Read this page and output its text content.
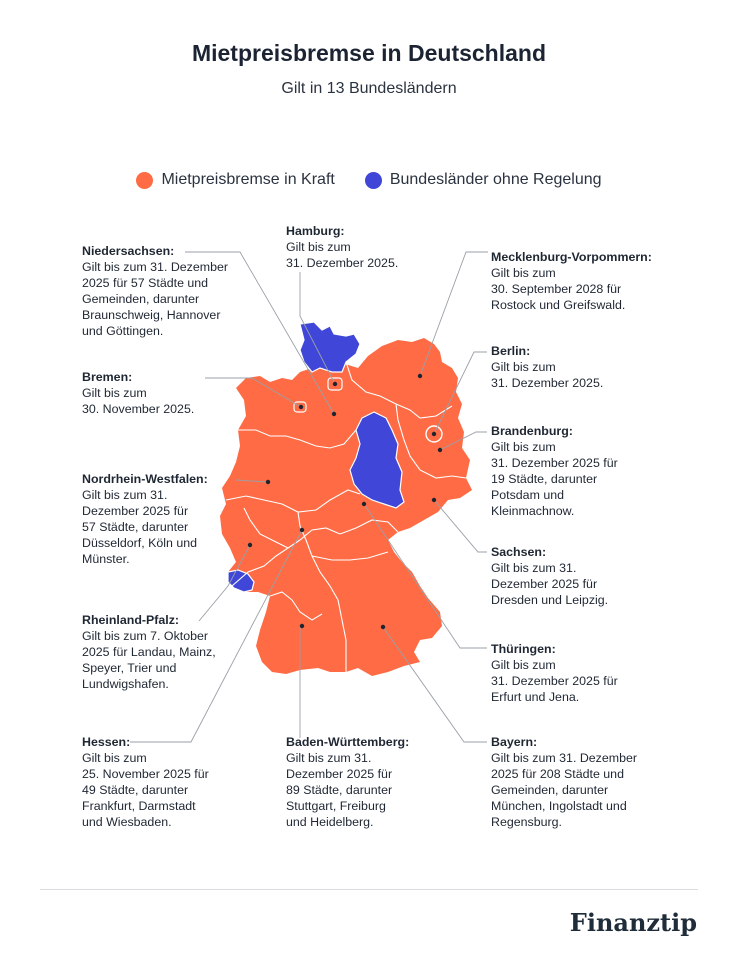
Mietpreisbremse in Deutschland
Gilt in 13 Bundesländern
Mietpreisbremse in Kraft	Bundesländer ohne Regelung
Niedersachsen:
Gilt bis zum 31. Dezember
2025 für 57 Städte und
Gemeinden, darunter
Braunschweig, Hannover
und Göttingen.
Hamburg:
Gilt bis zum
31. Dezember 2025.	Mecklenburg-Vorpommern:
Gilt bis zum
30. September 2028 für
Rostock und Greifswald.
Bremen:
Gilt bis zum
30. November 2025.
Berlin:
Gilt bis zum
31. Dezember 2025.
Brandenburg:
Gilt bis zum
31. Dezember 2025 für
19 Städte, darunter
Potsdam und
Kleinmachnow.
Nordrhein-Westfalen:
Gilt bis zum 31.
Dezember 2025 für
57 Städte, darunter
Düsseldorf, Köln und
Münster.	Sachsen:
Gilt bis zum 31.
Dezember 2025 für
Dresden und Leipzig.
Rheinland-Pfalz:
Gilt bis zum 7. Oktober
2025 für Landau, Mainz,
Speyer, Trier und
Lundwigshafen.
Thüringen:
Gilt bis zum
31. Dezember 2025 für
Erfurt und Jena.
Hessen:
Gilt bis zum
25. November 2025 für
49 Städte, darunter
Frankfurt, Darmstadt
und Wiesbaden.
Baden-Württemberg:
Gilt bis zum 31.
Dezember 2025 für
89 Städte, darunter
Stuttgart, Freiburg
und Heidelberg.
Bayern:
Gilt bis zum 31. Dezember
2025 für 208 Städte und
Gemeinden, darunter
München, Ingolstadt und
Regensburg.
Finanztip
